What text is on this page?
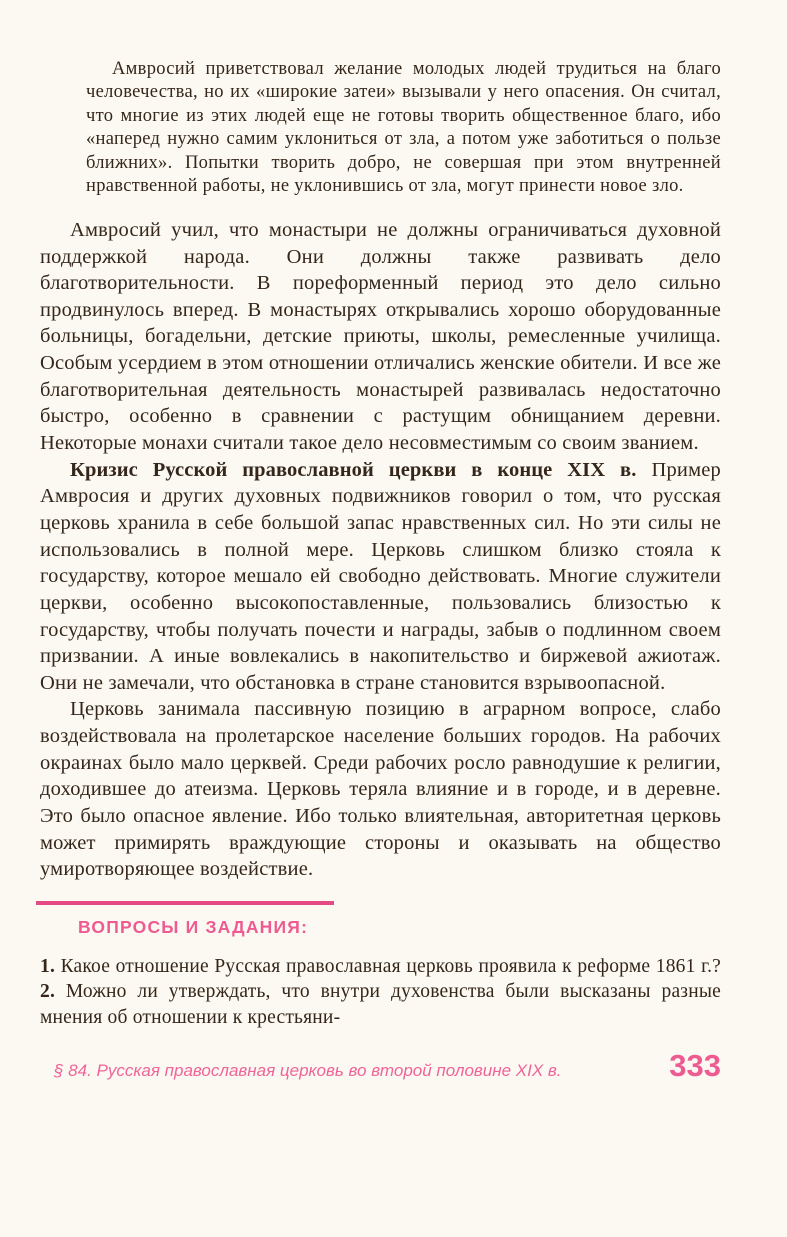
Амвросий приветствовал желание молодых людей трудиться на благо человечества, но их «широкие затеи» вызывали у него опасения. Он считал, что многие из этих людей еще не готовы творить общественное благо, ибо «наперед нужно самим уклониться от зла, а потом уже заботиться о пользе ближних». Попытки творить добро, не совершая при этом внутренней нравственной работы, не уклонившись от зла, могут принести новое зло.

Амвросий учил, что монастыри не должны ограничиваться духовной поддержкой народа. Они должны также развивать дело благотворительности. В пореформенный период это дело сильно продвинулось вперед. В монастырях открывались хорошо оборудованные больницы, богадельни, детские приюты, школы, ремесленные училища. Особым усердием в этом отношении отличались женские обители. И все же благотворительная деятельность монастырей развивалась недостаточно быстро, особенно в сравнении с растущим обнищанием деревни. Некоторые монахи считали такое дело несовместимым со своим званием.

Кризис Русской православной церкви в конце XIX в. Пример Амвросия и других духовных подвижников говорил о том, что русская церковь хранила в себе большой запас нравственных сил. Но эти силы не использовались в полной мере. Церковь слишком близко стояла к государству, которое мешало ей свободно действовать. Многие служители церкви, особенно высокопоставленные, пользовались близостью к государству, чтобы получать почести и награды, забыв о подлинном своем призвании. А иные вовлекались в накопительство и биржевой ажиотаж. Они не замечали, что обстановка в стране становится взрывоопасной.

Церковь занимала пассивную позицию в аграрном вопросе, слабо воздействовала на пролетарское население больших городов. На рабочих окраинах было мало церквей. Среди рабочих росло равнодушие к религии, доходившее до атеизма. Церковь теряла влияние и в городе, и в деревне. Это было опасное явление. Ибо только влиятельная, авторитетная церковь может примирять враждующие стороны и оказывать на общество умиротворяющее воздействие.

ВОПРОСЫ И ЗАДАНИЯ:

1. Какое отношение Русская православная церковь проявила к реформе 1861 г.? 2. Можно ли утверждать, что внутри духовенства были высказаны разные мнения об отношении к крестьяни-

§ 84. Русская православная церковь во второй половине XIX в.	333
